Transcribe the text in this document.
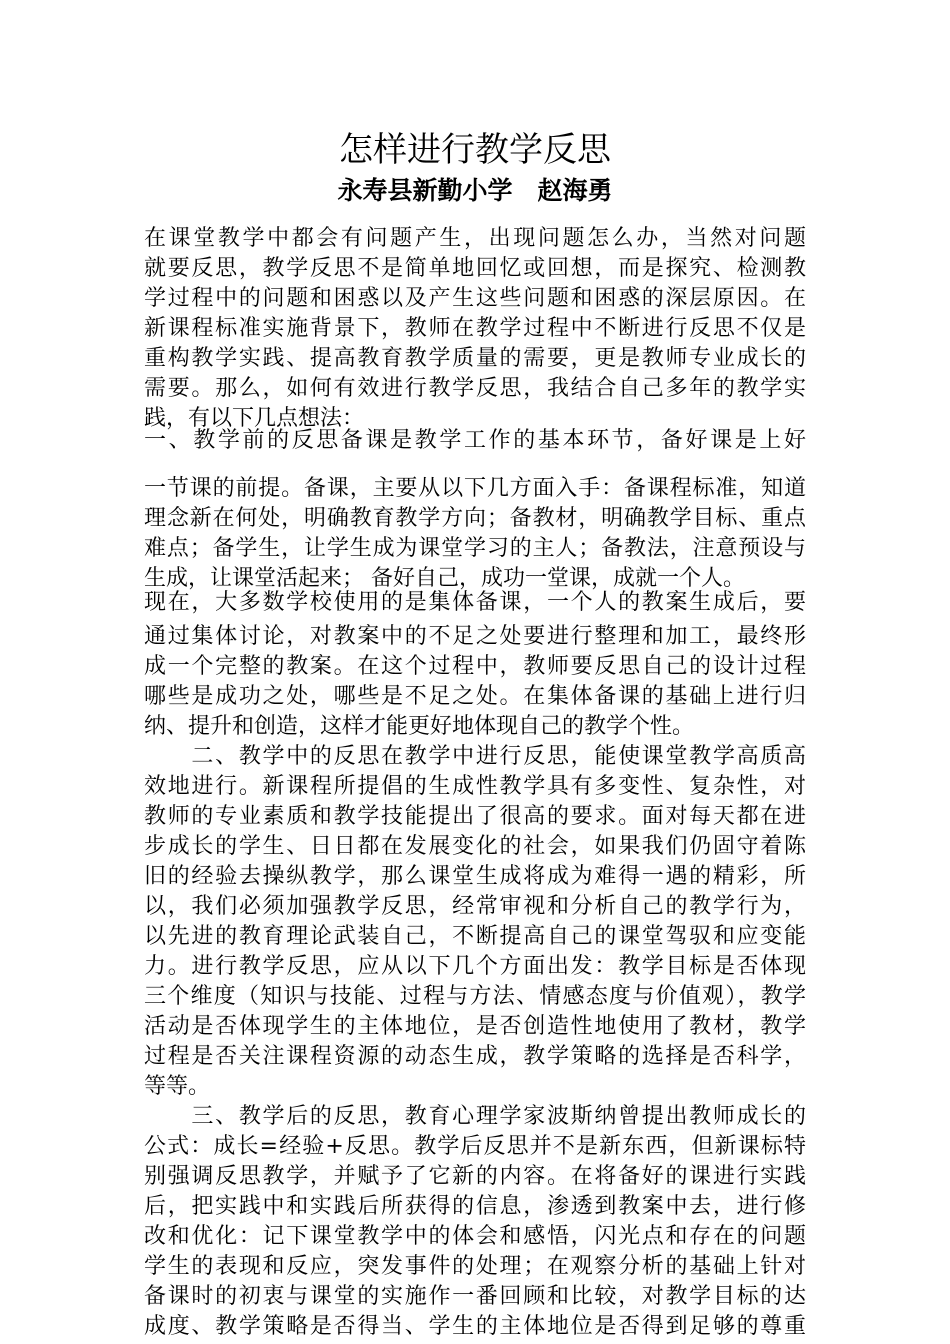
怎样进行教学反思
永寿县新勤小学　赵海勇
在课堂教学中都会有问题产生，出现问题怎么办，当然对问题
就要反思，教学反思不是简单地回忆或回想，而是探究、检测教
学过程中的问题和困惑以及产生这些问题和困惑的深层原因。在
新课程标准实施背景下，教师在教学过程中不断进行反思不仅是
重构教学实践、提高教育教学质量的需要，更是教师专业成长的
需要。那么，如何有效进行教学反思，我结合自己多年的教学实
践，有以下几点想法：
一、教学前的反思备课是教学工作的基本环节，备好课是上好
一节课的前提。备课，主要从以下几方面入手：备课程标准，知道
理念新在何处，明确教育教学方向；备教材，明确教学目标、重点
难点；备学生，让学生成为课堂学习的主人；备教法，注意预设与
生成，让课堂活起来； 备好自己，成功一堂课，成就一个人。
现在，大多数学校使用的是集体备课，一个人的教案生成后，要
通过集体讨论，对教案中的不足之处要进行整理和加工，最终形
成一个完整的教案。在这个过程中，教师要反思自己的设计过程
哪些是成功之处，哪些是不足之处。在集体备课的基础上进行归
纳、提升和创造，这样才能更好地体现自己的教学个性。
　　二、教学中的反思在教学中进行反思，能使课堂教学高质高
效地进行。新课程所提倡的生成性教学具有多变性、复杂性，对
教师的专业素质和教学技能提出了很高的要求。面对每天都在进
步成长的学生、日日都在发展变化的社会，如果我们仍固守着陈
旧的经验去操纵教学，那么课堂生成将成为难得一遇的精彩，所
以，我们必须加强教学反思，经常审视和分析自己的教学行为，
以先进的教育理论武装自己，不断提高自己的课堂驾驭和应变能
力。进行教学反思，应从以下几个方面出发：教学目标是否体现
三个维度（知识与技能、过程与方法、情感态度与价值观），教学
活动是否体现学生的主体地位，是否创造性地使用了教材，教学
过程是否关注课程资源的动态生成，教学策略的选择是否科学，
等等。
　　三、教学后的反思，教育心理学家波斯纳曾提出教师成长的
公式：成长=经验+反思。教学后反思并不是新东西，但新课标特
别强调反思教学，并赋予了它新的内容。在将备好的课进行实践
后，把实践中和实践后所获得的信息，渗透到教案中去，进行修
改和优化：记下课堂教学中的体会和感悟，闪光点和存在的问题
学生的表现和反应，突发事件的处理；在观察分析的基础上针对
备课时的初衷与课堂的实施作一番回顾和比较，对教学目标的达
成度、教学策略是否得当、学生的主体地位是否得到足够的尊重
